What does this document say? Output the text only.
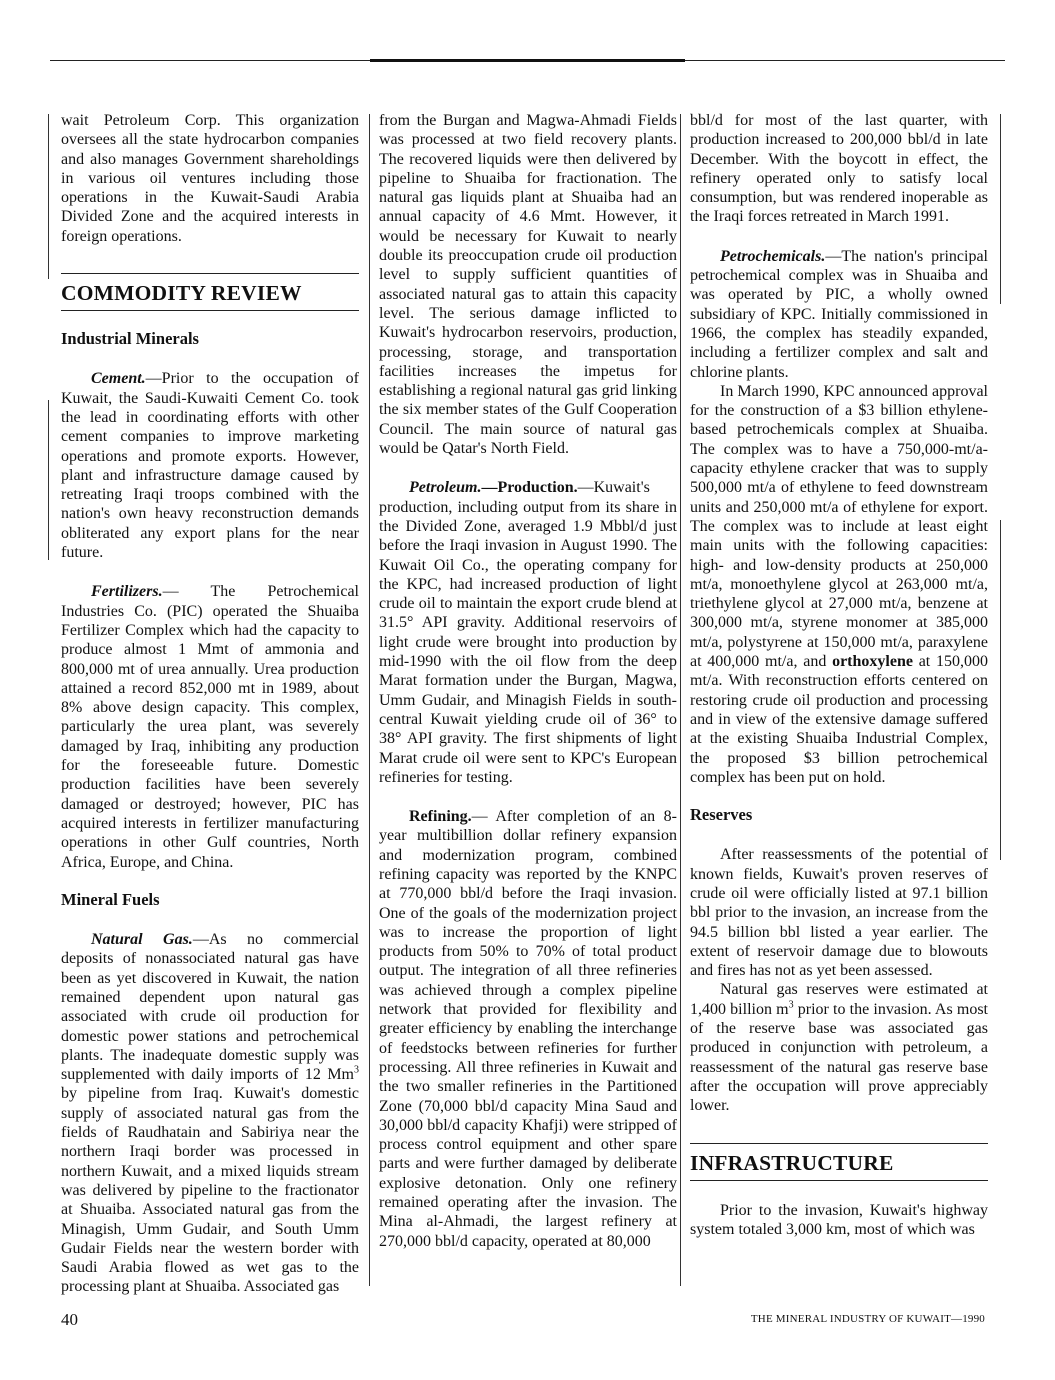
wait Petroleum Corp. This organization oversees all the state hydrocarbon companies and also manages Government shareholdings in various oil ventures including those operations in the Kuwait-Saudi Arabia Divided Zone and the acquired interests in foreign operations.

COMMODITY REVIEW
Industrial Minerals

Cement.—Prior to the occupation of Kuwait, the Saudi-Kuwaiti Cement Co. took the lead in coordinating efforts with other cement companies to improve marketing operations and promote exports. However, plant and infrastructure damage caused by retreating Iraqi troops combined with the nation's own heavy reconstruction demands obliterated any export plans for the near future.

Fertilizers.— The Petrochemical Industries Co. (PIC) operated the Shuaiba Fertilizer Complex which had the capacity to produce almost 1 Mmt of ammonia and 800,000 mt of urea annually. Urea production attained a record 852,000 mt in 1989, about 8% above design capacity. This complex, particularly the urea plant, was severely damaged by Iraq, inhibiting any production for the foreseeable future. Domestic production facilities have been severely damaged or destroyed; however, PIC has acquired interests in fertilizer manufacturing operations in other Gulf countries, North Africa, Europe, and China.

Mineral Fuels

Natural Gas.—As no commercial deposits of nonassociated natural gas have been as yet discovered in Kuwait, the nation remained dependent upon natural gas associated with crude oil production for domestic power stations and petrochemical plants. The inadequate domestic supply was supplemented with daily imports of 12 Mm$^3$ by pipeline from Iraq. Kuwait's domestic supply of associated natural gas from the fields of Raudhatain and Sabiriya near the northern Iraqi border was processed in northern Kuwait, and a mixed liquids stream was delivered by pipeline to the fractionator at Shuaiba. Associated natural gas from the Minagish, Umm Gudair, and South Umm Gudair Fields near the western border with Saudi Arabia flowed as wet gas to the processing plant at Shuaiba. Associated gas

from the Burgan and Magwa-Ahmadi Fields was processed at two field recovery plants. The recovered liquids were then delivered by pipeline to Shuaiba for fractionation. The natural gas liquids plant at Shuaiba had an annual capacity of 4.6 Mmt. However, it would be necessary for Kuwait to nearly double its preoccupation crude oil production level to supply sufficient quantities of associated natural gas to attain this capacity level. The serious damage inflicted to Kuwait's hydrocarbon reservoirs, production, processing, storage, and transportation facilities increases the impetus for establishing a regional natural gas grid linking the six member states of the Gulf Cooperation Council. The main source of natural gas would be Qatar's North Field.

Petroleum.—Production.—Kuwait's production, including output from its share in the Divided Zone, averaged 1.9 Mbbl/d just before the Iraqi invasion in August 1990. The Kuwait Oil Co., the operating company for the KPC, had increased production of light crude oil to maintain the export crude blend at 31.5° API gravity. Additional reservoirs of light crude were brought into production by mid-1990 with the oil flow from the deep Marat formation under the Burgan, Magwa, Umm Gudair, and Minagish Fields in south-central Kuwait yielding crude oil of 36° to 38° API gravity. The first shipments of light Marat crude oil were sent to KPC's European refineries for testing.

Refining.— After completion of an 8-year multibillion dollar refinery expansion and modernization program, combined refining capacity was reported by the KNPC at 770,000 bbl/d before the Iraqi invasion. One of the goals of the modernization project was to increase the proportion of light products from 50% to 70% of total product output. The integration of all three refineries was achieved through a complex pipeline network that provided for flexibility and greater efficiency by enabling the interchange of feedstocks between refineries for further processing. All three refineries in Kuwait and the two smaller refineries in the Partitioned Zone (70,000 bbl/d capacity Mina Saud and 30,000 bbl/d capacity Khafji) were stripped of process control equipment and other spare parts and were further damaged by deliberate explosive detonation. Only one refinery remained operating after the invasion. The Mina al-Ahmadi, the largest refinery at 270,000 bbl/d capacity, operated at 80,000

bbl/d for most of the last quarter, with production increased to 200,000 bbl/d in late December. With the boycott in effect, the refinery operated only to satisfy local consumption, but was rendered inoperable as the Iraqi forces retreated in March 1991.

Petrochemicals.—The nation's principal petrochemical complex was in Shuaiba and was operated by PIC, a wholly owned subsidiary of KPC. Initially commissioned in 1966, the complex has steadily expanded, including a fertilizer complex and salt and chlorine plants.

In March 1990, KPC announced approval for the construction of a $3 billion ethylene-based petrochemicals complex at Shuaiba. The complex was to have a 750,000-mt/a-capacity ethylene cracker that was to supply 500,000 mt/a of ethylene to feed downstream units and 250,000 mt/a of ethylene for export. The complex was to include at least eight main units with the following capacities: high- and low-density products at 250,000 mt/a, monoethylene glycol at 263,000 mt/a, triethylene glycol at 27,000 mt/a, benzene at 300,000 mt/a, styrene monomer at 385,000 mt/a, polystyrene at 150,000 mt/a, paraxylene at 400,000 mt/a, and orthoxylene at 150,000 mt/a. With reconstruction efforts centered on restoring crude oil production and processing and in view of the extensive damage suffered at the existing Shuaiba Industrial Complex, the proposed $3 billion petrochemical complex has been put on hold.

Reserves

After reassessments of the potential of known fields, Kuwait's proven reserves of crude oil were officially listed at 97.1 billion bbl prior to the invasion, an increase from the 94.5 billion bbl listed a year earlier. The extent of reservoir damage due to blowouts and fires has not as yet been assessed.

Natural gas reserves were estimated at 1,400 billion $m^3$ prior to the invasion. As most of the reserve base was associated gas produced in conjunction with petroleum, a reassessment of the natural gas reserve base after the occupation will prove appreciably lower.

INFRASTRUCTURE

Prior to the invasion, Kuwait's highway system totaled 3,000 km, most of which was

40	THE MINERAL INDUSTRY OF KUWAIT—1990
